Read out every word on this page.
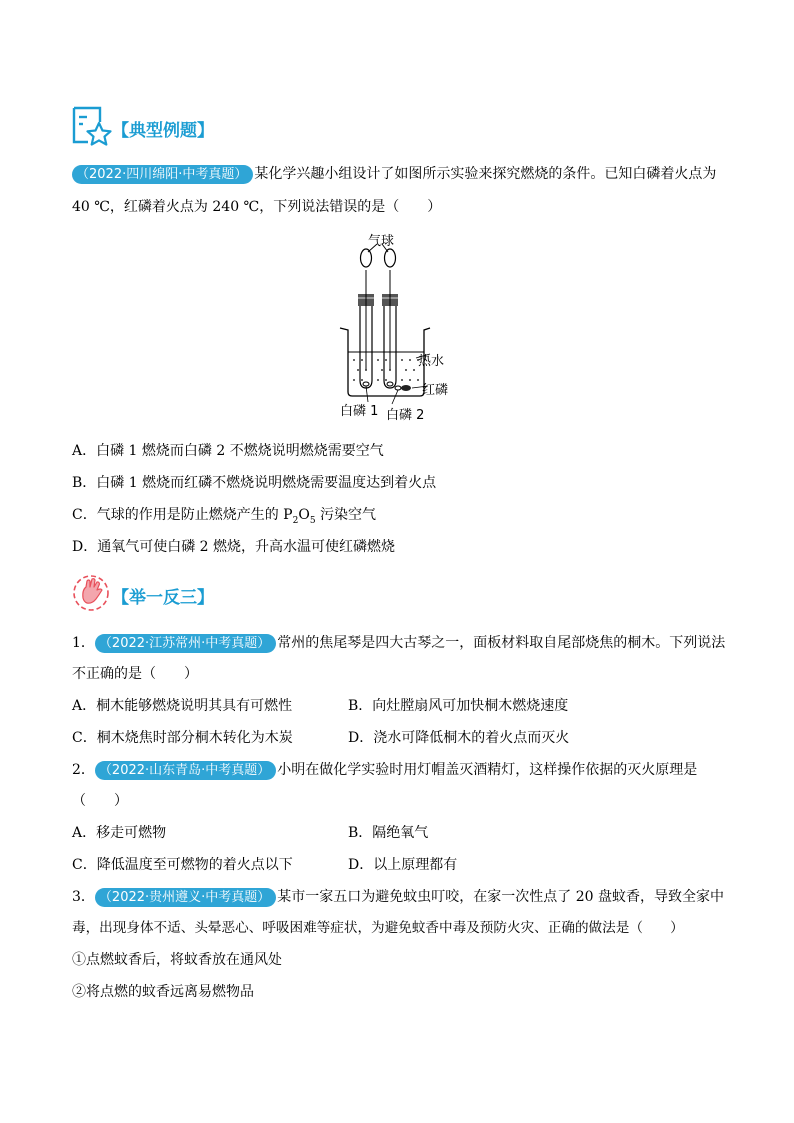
【典型例题】
（2022·四川绵阳·中考真题） 某化学兴趣小组设计了如图所示实验来探究燃烧的条件。已知白磷着火点为
40 ℃，红磷着火点为 240 ℃，下列说法错误的是（　　）
气球
热水
红磷
白磷 1 白磷 2
A．白磷 1 燃烧而白磷 2 不燃烧说明燃烧需要空气
B．白磷 1 燃烧而红磷不燃烧说明燃烧需要温度达到着火点
C．气球的作用是防止燃烧产生的 $P_2O_5$ 污染空气
D．通氧气可使白磷 2 燃烧，升高水温可使红磷燃烧
【举一反三】
1． （2022·江苏常州·中考真题） 常州的焦尾琴是四大古琴之一，面板材料取自尾部烧焦的桐木。下列说法
不正确的是（　　）
A．桐木能够燃烧说明其具有可燃性	B．向灶膛扇风可加快桐木燃烧速度
C．桐木烧焦时部分桐木转化为木炭	D．浇水可降低桐木的着火点而灭火
2． （2022·山东青岛·中考真题） 小明在做化学实验时用灯帽盖灭酒精灯，这样操作依据的灭火原理是
（　　）
A．移走可燃物	B．隔绝氧气
C．降低温度至可燃物的着火点以下	D．以上原理都有
3． （2022·贵州遵义·中考真题） 某市一家五口为避免蚊虫叮咬，在家一次性点了 20 盘蚊香，导致全家中
毒，出现身体不适、头晕恶心、呼吸困难等症状，为避免蚊香中毒及预防火灾、正确的做法是（　　）
①点燃蚊香后，将蚊香放在通风处
②将点燃的蚊香远离易燃物品
